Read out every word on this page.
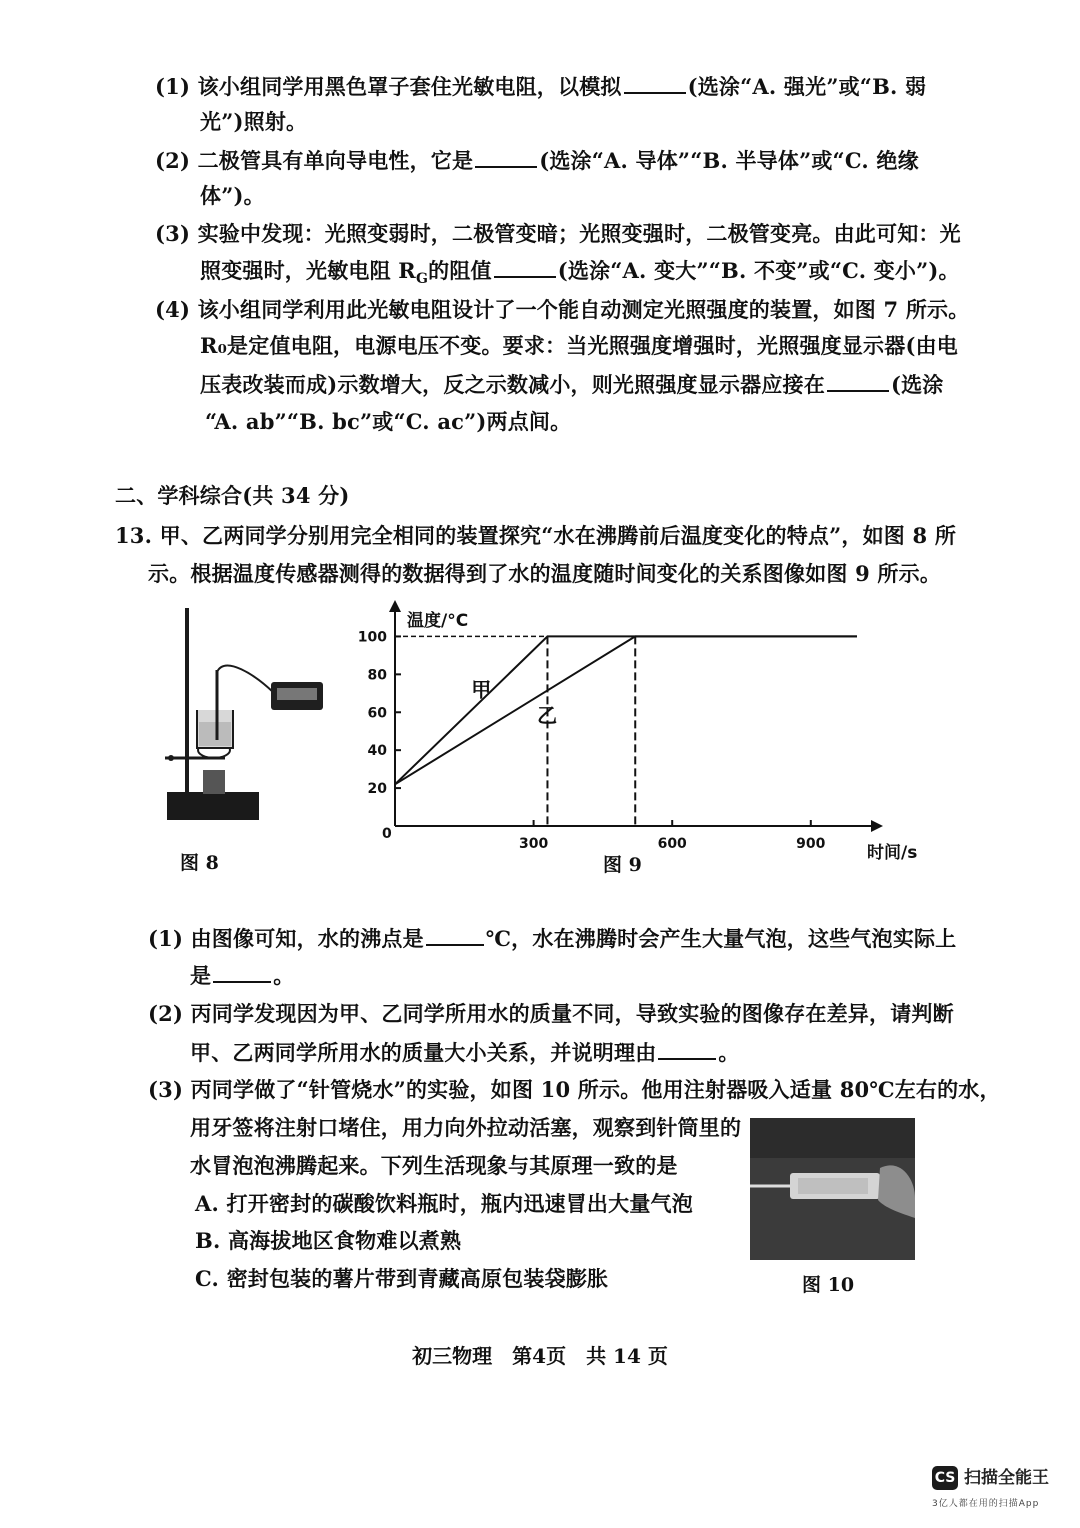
(1) 该小组同学用黑色罩子套住光敏电阻，以模拟	(选涂“A. 强光”或“B. 弱
光”)照射。
(2) 二极管具有单向导电性，它是	(选涂“A. 导体”“B. 半导体”或“C. 绝缘
体”)。
(3) 实验中发现：光照变弱时，二极管变暗；光照变强时，二极管变亮。由此可知：光
照变强时，光敏电阻 $R_G$的阻值	(选涂“A. 变大”“B. 不变”或“C. 变小”)。
(4) 该小组同学利用此光敏电阻设计了一个能自动测定光照强度的装置，如图 7 所示。
R₀是定值电阻，电源电压不变。要求：当光照强度增强时，光照强度显示器(由电
压表改装而成)示数增大，反之示数减小，则光照强度显示器应接在	(选涂
“A. ab”“B. bc”或“C. ac”)两点间。
二、学科综合(共 34 分)
13. 甲、乙两同学分别用完全相同的装置探究“水在沸腾前后温度变化的特点”，如图 8 所
示。根据温度传感器测得的数据得到了水的温度随时间变化的关系图像如图 9 所示。
图 8
温度/°C
时间/s
0
20
40
60
80
100
300	600	900
甲
乙
图 9
(1) 由图像可知，水的沸点是	℃，水在沸腾时会产生大量气泡，这些气泡实际上
是	。
(2) 丙同学发现因为甲、乙同学所用水的质量不同，导致实验的图像存在差异，请判断
甲、乙两同学所用水的质量大小关系，并说明理由	。
(3) 丙同学做了“针管烧水”的实验，如图 10 所示。他用注射器吸入适量 80℃左右的水，
用牙签将注射口堵住，用力向外拉动活塞，观察到针筒里的
水冒泡泡沸腾起来。下列生活现象与其原理一致的是
A. 打开密封的碳酸饮料瓶时，瓶内迅速冒出大量气泡
B. 高海拔地区食物难以煮熟
C. 密封包装的薯片带到青藏高原包装袋膨胀	图 10
初三物理 第4页 共 14 页
CS 扫描全能王
3亿人都在用的扫描App
